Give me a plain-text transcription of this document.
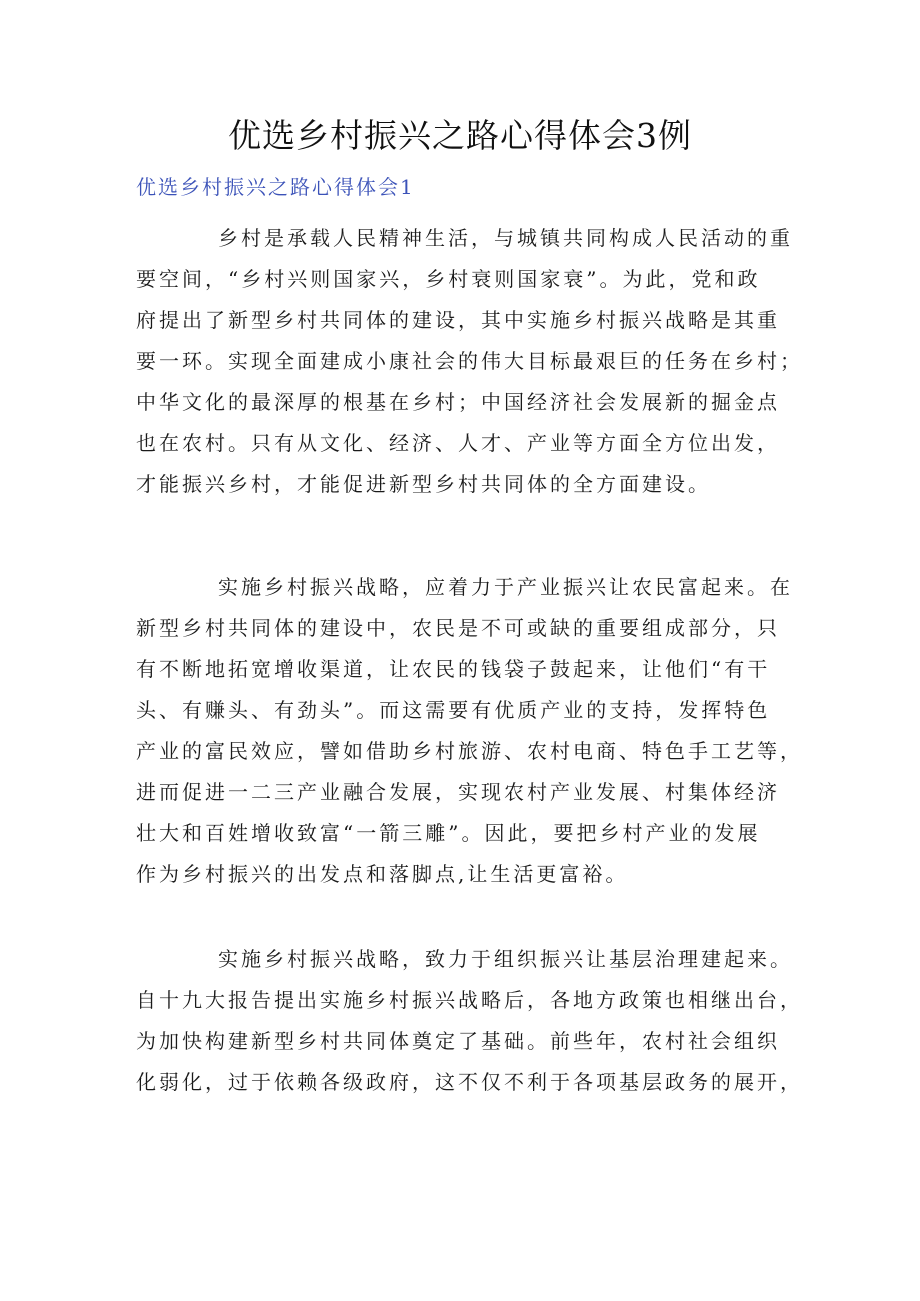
优选乡村振兴之路心得体会3例
优选乡村振兴之路心得体会1
乡村是承载人民精神生活，与城镇共同构成人民活动的重
要空间，“乡村兴则国家兴，乡村衰则国家衰”。为此，党和政
府提出了新型乡村共同体的建设，其中实施乡村振兴战略是其重
要一环。实现全面建成小康社会的伟大目标最艰巨的任务在乡村；
中华文化的最深厚的根基在乡村；中国经济社会发展新的掘金点
也在农村。只有从文化、经济、人才、产业等方面全方位出发，
才能振兴乡村，才能促进新型乡村共同体的全方面建设。
实施乡村振兴战略，应着力于产业振兴让农民富起来。在
新型乡村共同体的建设中，农民是不可或缺的重要组成部分，只
有不断地拓宽增收渠道，让农民的钱袋子鼓起来，让他们“有干
头、有赚头、有劲头”。而这需要有优质产业的支持，发挥特色
产业的富民效应，譬如借助乡村旅游、农村电商、特色手工艺等，
进而促进一二三产业融合发展，实现农村产业发展、村集体经济
壮大和百姓增收致富“一箭三雕”。因此，要把乡村产业的发展
作为乡村振兴的出发点和落脚点,让生活更富裕。
实施乡村振兴战略，致力于组织振兴让基层治理建起来。
自十九大报告提出实施乡村振兴战略后，各地方政策也相继出台，
为加快构建新型乡村共同体奠定了基础。前些年，农村社会组织
化弱化，过于依赖各级政府，这不仅不利于各项基层政务的展开，
